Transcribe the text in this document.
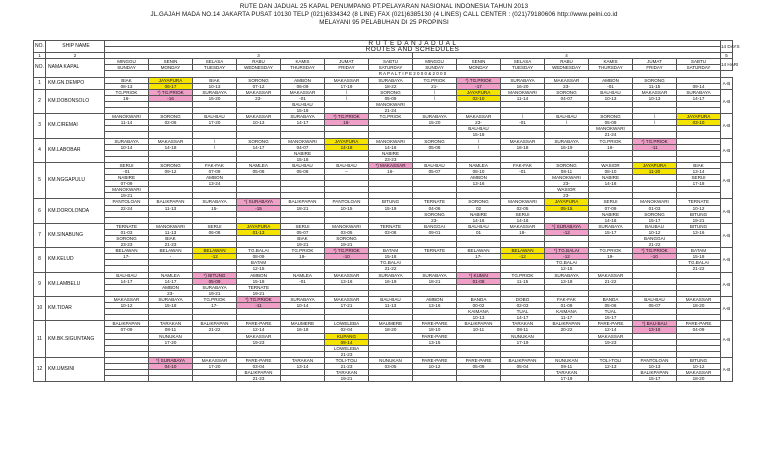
RUTE DAN JADUAL 25 KAPAL PENUMPANG PT.PELAYARAN NASIONAL INDONESIA TAHUN 2013
JL.GAJAH MADA NO.14 JAKARTA PUSAT 10130 TELP (021)6334342 (8 LINE) FAX (021)6385130 (4 LINES) CALL CENTER : (021)79180606 http://www.pelni.co.id
MELAYANI 95 PELABUHAN DI 25 PROPINSI
NO.	SHIP NAME	R U T E D A N J A D U A L														14 DAYS
		ROUTES AND SCHEDULES														
1	2	3							4							5
NO.	NAMA KAPAL	MINGGU	SENIN	SELASA	RABU	KAMIS	JUMAT	SABTU	MINGGU	SENIN	SELASA	RABU	KAMIS	JUMAT	SABTU	14 HARI
		SUNDAY	MONDAY	TUESDAY	WEDNESDAY	THURSDAY	FRIDAY	SATURDAY	SUNDAY	MONDAY	TUESDAY	WEDNESDAY	THURSDAY	FRIDAY	SATURDAY	
		R A P A L T I P E 2 0 0 0 & 2 0 0 0														
1	KM.GN.DEMPO	BIAK	JAYAPURA	BIAK	SORONG	AMBON	MAKASSAR	SURABAYA	TG.PRIOK	*) TG.PRIOK	SURABAYA	MAKASSAR	AMBON	SORONG		A-B
		08-13	06-17	10-13	07-12	06-09	17-19	18-22	21-	-17	16-20	23-	-01	11-15	09-14	
2	KM.DOBONSOLO	TG.PRIOK	*) TG.PRIOK	SURABAYA	MAKASSAR	MAKASSAR	\	SORONG	\	JAYAPURA	MANOKWARI	SORONG	BAU-BAU	MAKASSAR	SURABAYA	A-B
		16-	-16	15-20	23-	-01	\	05-09	\	02-10	11-14	04-07	10-13	10-13	14-17	
						BAU-BAU		MANOKWARI								
						15-18		21-24								
3	KM.CIREMAI	MANOKWARI	SORONG	BAU-BAU	MAKASSAR	SURABAYA	*) TG.PRIOK	TG.PRIOK	SURABAYA	MAKASSAR	\	BAU-BAU	SORONG	\	JAYAPURA	A-B
		11-14	02-06	17-20	10-13	14-17	16-		15-20	23-	-01	\	05-09	\	03-10	
										BAU-BAU			MANOKWARI			
										15-18			21-24			
4	KM.LABOBAR	SURABAYA	MAKASSAR	\	SORONG	MANOKWARI	JAYAPURA	MANOKWARI	SORONG	\	MAKASSAR	SURABAYA	TG.PRIOK	*) TG.PRIOK		A-B
		10-14	14-18	\	14-17	04-07	14-18	14-16	05-08	\	16-18	16-19	16-	-11		
						NABIRE		NABIRE								
						15-18		23-23								
5	KM.NGGAPULU	SERUI	SORONG	FAK-FAK	NAMLEA	BAU-BAU	BAU-BAU	*) MAKASSAR	BAU-BAU	NAMLEA	FAK-FAK	SORONG	WASIOR	JAYAPURA	BIAK	A-B
		-01	09-12	07-09	05-08	05-08	--	16-	05-07	08-10	-01	08-11	08-10	11-20	13-14	
		NABIRE		AMBON						AMBON		MANOKWARI	NABIRE		SERUI	
		07-09		13-24						13-16		23-	14-16		17-18	
		MANOKWARI										WASIOR				
		19-21										23-				
6	KM.DOROLONDA	PANTOLOAN	BALIKPAPAN	SURABAYA	*) SURABAYA	BALIKPAPAN	PANTOLOAN	BITUNG	TERNATE	SORONG	MANOKWARI	JAYAPURA	SERUI	MANOKWARI	TERNATE	A-B
		22-24	11-13	15-	-15	18-21	10-15	15-19	04-06	02	02-05	05-15	07-09	01-03	10-12	
									SORONG	NABIRE	SERUI		NABIRE	SORONG	BITUNG	
									23-	14-16	14-16		14-16	15-17	19-21	
7	KM.SINABUNG	TERNATE	MANOKWARI	SERUI	JAYAPURA	SERUI	MANOKWARI	TERNATE	BANGGAI	BAU-BAU	MAKASSAR	*) SURABAYA	SURABAYA	BAUBAU	BITUNG	A-B
		01-03	11-13	06-08	01-13	05-07	03-05	03-08	09-01	01	18-	-12	15-17	10-12	13-16	
		SORONG	BIAK			BIAK	SORONG							BANGGAI		
		23-23	21-23			19-21	19-21							21-22		
8	KM.KELUD	BELAWAN	BELAWAN	BELAWAN	TG.BALAI	TG.PRIOK	*) TG.PRIOK	BATAM	TERNATE	BELAWAN	BELAWAN	*) TG.BALAI	TG.PRIOK	*) TG.PRIOK	BATAM	A-B
		17-	-	-12	08-09	19-	-10	15-18		17-	-12	-12	19-	-10	15-18	
					BATAM			TG.BALAI				TG.BALAI			TG.BALAI	
					12-15			21-22				12-15			21-22	
9	KM.LAMBELU	BAU-BAU	NAMLEA	*) BITUNG	AMBON	NAMLEA	MAKASSAR	SURABAYA	SURABAYA	*) KUMAI	TG.PRIOK	SURABAYA	MAKASSAR			A-B
		14-17	14-17	05-09	15-18	-01	13-16	16-19	18-21	01-08	11-15	13-18	21-22			
			AMBON	SURABAYA	TERNATE											
			23-	19-21	19-21											
10	KM.TIDAR	MAKASSAR	SURABAYA	TG.PRIOK	*) TG.PRIOK	SURABAYA	MAKASSAR	BAU-BAU	AMBON	BANDA	DOBO	FAK-FAK	BANDA	BAU-BAU	MAKASSAR	A-B
		10-12	15-18	17-	-11	10-14	17-21	11-13	13-16	00-02	02-03	01-08	05-06	05-07	18-20	
										KAIMANA	TUAL	KAIMANA	TUAL			
										10-13	14-17	11-17	15-17			
11	KM.BK.SIGUNTANG	BALIKPAPAN	TARAKAN	BALIKPAPAN	PARE-PARE	MAUMERE	LOWELEBA	MAUMERE	PARE-PARE	BALIKPAPAN	TARAKAN	BALIKPAPAN	PARE-PARE	*) BAU-BAU	PARE-PARE	A-B
		07-09	08-11	21-22	12-14	16-18	02-04	18-20	18-10	10-11	08-11	20-22	12-14	13-16	04-09	
			NUNUKAN		MAKASSAR		KUPANG		PARE-PARE		NUNUKAN		MAKASSAR			
			17-20		19-23		09-14		13-15		17-19		19-23			
							LOWELEBA									
							21-23									
12	KM.UMSINI		*) SURABAYA	MAKASSAR	PARE-PARE	TARAKAN	TOLI-TOLI	NUNUKAN	PARE-PARE	PARE-PARE	BALIKPAPAN	NUNUKAN	TOLI-TOLI	PANTOLOAN	BITUNG	A-B
			04-10	17-20	03-04	13-14	21-23	03-05	10-12	05-09	05-04	09-11	12-13	10-13	10-12	
					BALIKPAPAN		TARAKAN					TARAKAN		BALIKPAPAN	MAKASSAR	
					21-23		19-21					17-19		15-17	18-20	
